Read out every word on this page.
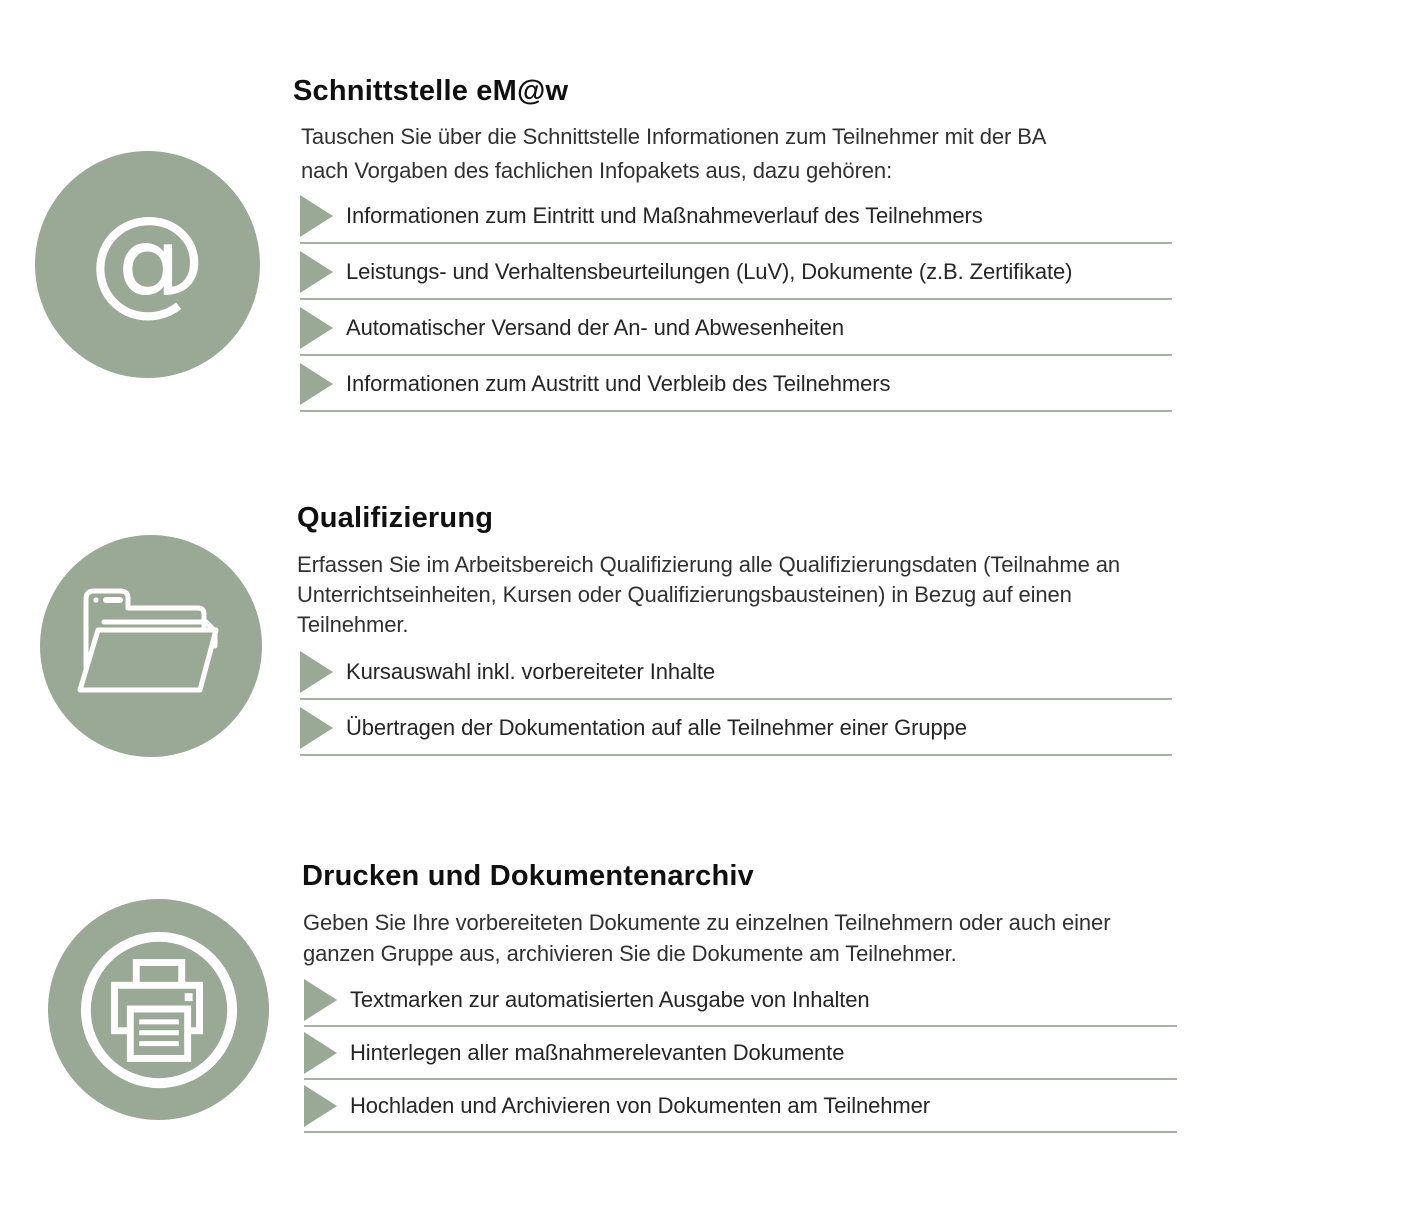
@
Schnittstelle eM@w
Tauschen Sie über die Schnittstelle Informationen zum Teilnehmer mit der BA
nach Vorgaben des fachlichen Infopakets aus, dazu gehören:
Informationen zum Eintritt und Maßnahmeverlauf des Teilnehmers
Leistungs- und Verhaltensbeurteilungen (LuV), Dokumente (z.B. Zertifikate)
Automatischer Versand der An- und Abwesenheiten
Informationen zum Austritt und Verbleib des Teilnehmers
Qualifizierung
Erfassen Sie im Arbeitsbereich Qualifizierung alle Qualifizierungsdaten (Teilnahme an
Unterrichtseinheiten, Kursen oder Qualifizierungsbausteinen) in Bezug auf einen
Teilnehmer.
Kursauswahl inkl. vorbereiteter Inhalte
Übertragen der Dokumentation auf alle Teilnehmer einer Gruppe
Drucken und Dokumentenarchiv
Geben Sie Ihre vorbereiteten Dokumente zu einzelnen Teilnehmern oder auch einer
ganzen Gruppe aus, archivieren Sie die Dokumente am Teilnehmer.
Textmarken zur automatisierten Ausgabe von Inhalten
Hinterlegen aller maßnahmerelevanten Dokumente
Hochladen und Archivieren von Dokumenten am Teilnehmer
